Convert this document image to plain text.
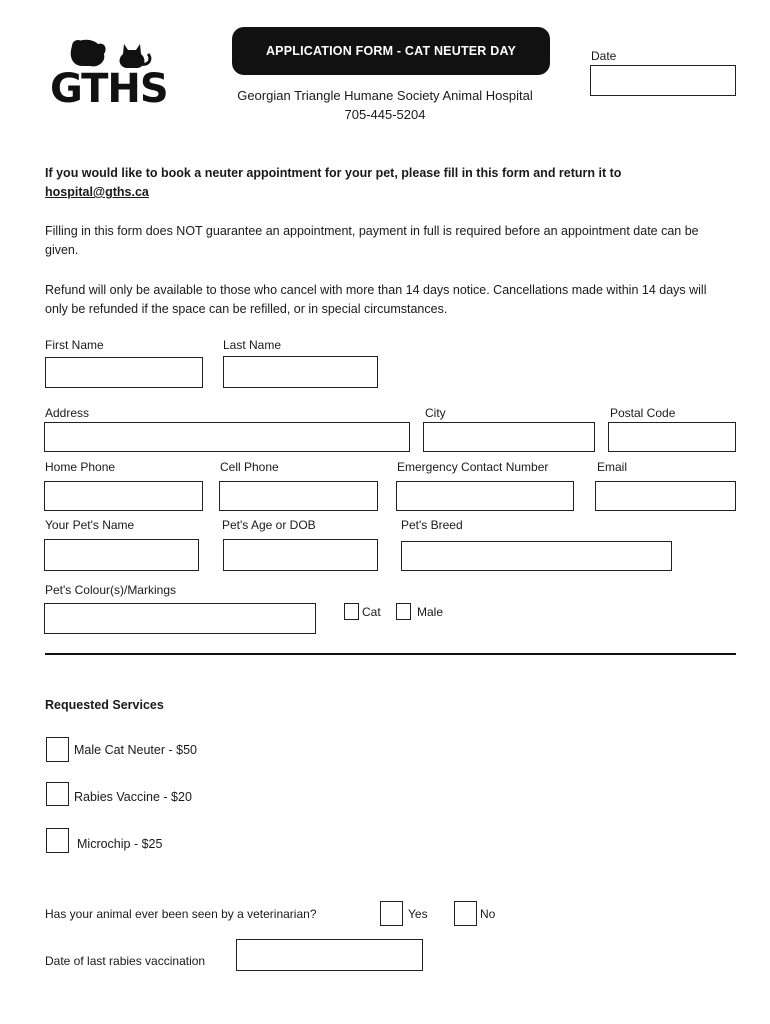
GTHS
APPLICATION FORM - CAT NEUTER DAY
Georgian Triangle Humane Society Animal Hospital
705-445-5204
Date
If you would like to book a neuter appointment for your pet, please fill in this form and return it to
hospital@gths.ca
Filling in this form does NOT guarantee an appointment, payment in full is required before an appointment date can be given.
Refund will only be available to those who cancel with more than 14 days notice. Cancellations made within 14 days will only be refunded if the space can be refilled, or in special circumstances.
First Name	Last Name
Address	City	Postal Code
Home Phone	Cell Phone	Emergency Contact Number	Email
Your Pet's Name	Pet's Age or DOB	Pet's Breed
Pet's Colour(s)/Markings
Cat	Male
Requested Services
Male Cat Neuter - $50
Rabies Vaccine - $20
Microchip - $25
Has your animal ever been seen by a veterinarian?	Yes	No
Date of last rabies vaccination
